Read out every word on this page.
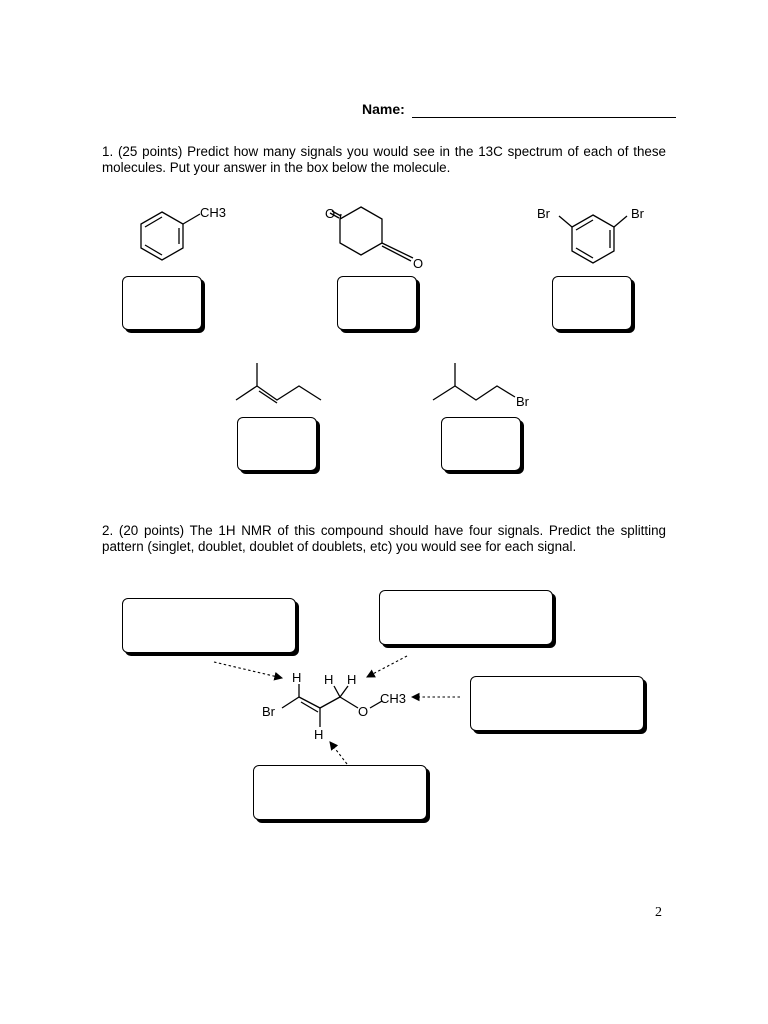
Name:
1. (25 points) Predict how many signals you would see in the 13C spectrum of each of these molecules. Put your answer in the box below the molecule.
CH3	O
O
Br	Br
Br
2. (20 points) The 1H NMR of this compound should have four signals. Predict the splitting pattern (singlet, doublet, doublet of doublets, etc) you would see for each signal.
Br
H H H
H
O
CH3
2
